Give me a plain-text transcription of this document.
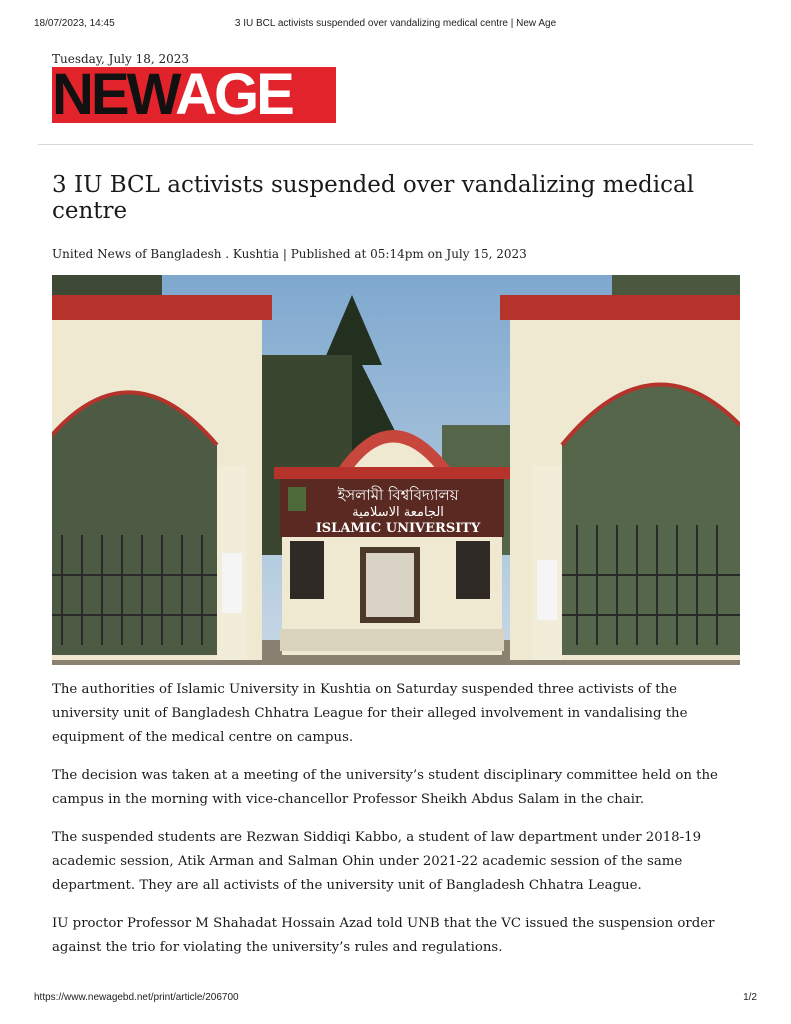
18/07/2023, 14:45	3 IU BCL activists suspended over vandalizing medical centre | New Age
Tuesday, July 18, 2023
NEWAGE
3 IU BCL activists suspended over vandalizing medical centre
United News of Bangladesh . Kushtia | Published at 05:14pm on July 15, 2023
ইসলামী বিশ্ববিদ্যালয়
الجامعة الاسلامية
ISLAMIC UNIVERSITY

The authorities of Islamic University in Kushtia on Saturday suspended three activists of the university unit of Bangladesh Chhatra League for their alleged involvement in vandalising the equipment of the medical centre on campus.

The decision was taken at a meeting of the university’s student disciplinary committee held on the campus in the morning with vice-chancellor Professor Sheikh Abdus Salam in the chair.

The suspended students are Rezwan Siddiqi Kabbo, a student of law department under 2018-19 academic session, Atik Arman and Salman Ohin under 2021-22 academic session of the same department. They are all activists of the university unit of Bangladesh Chhatra League.

IU proctor Professor M Shahadat Hossain Azad told UNB that the VC issued the suspension order against the trio for violating the university’s rules and regulations.

https://www.newagebd.net/print/article/206700	1/2
